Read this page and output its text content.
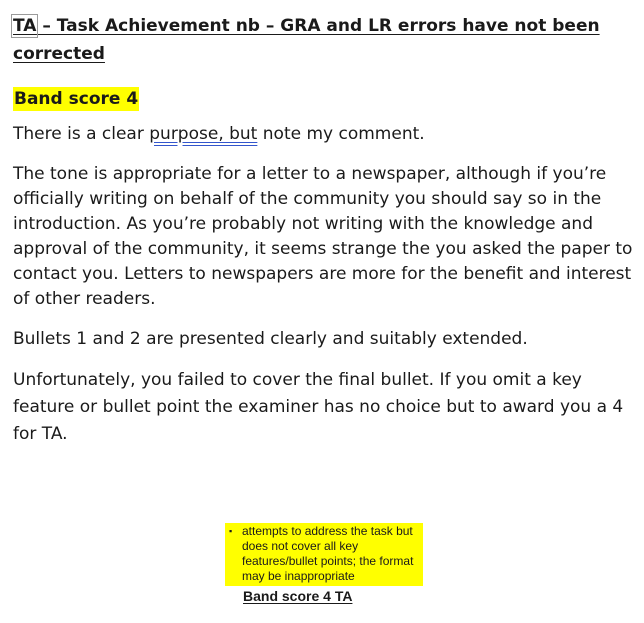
TA – Task Achievement nb – GRA and LR errors have not been corrected

Band score 4

There is a clear purpose, but note my comment.

The tone is appropriate for a letter to a newspaper, although if you’re officially writing on behalf of the community you should say so in the introduction. As you’re probably not writing with the knowledge and approval of the community, it seems strange the you asked the paper to contact you. Letters to newspapers are more for the benefit and interest of other readers.

Bullets 1 and 2 are presented clearly and suitably extended.

Unfortunately, you failed to cover the final bullet. If you omit a key feature or bullet point the examiner has no choice but to award you a 4 for TA.

▪ attempts to address the task but does not cover all key features/bullet points; the format may be inappropriate
Band score 4 TA
